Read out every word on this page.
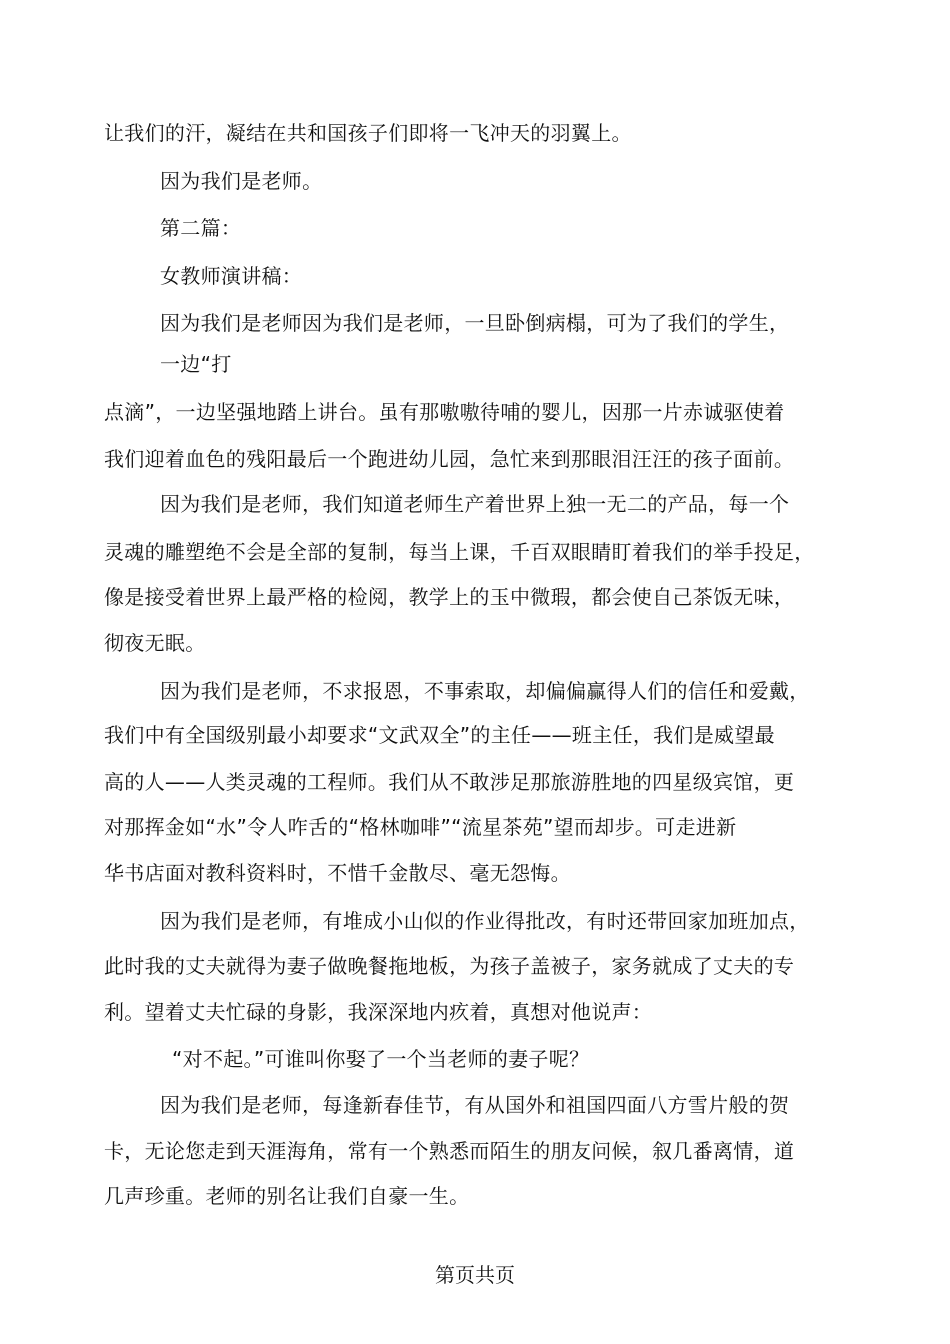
让我们的汗，凝结在共和国孩子们即将一飞冲天的羽翼上。
因为我们是老师。
第二篇：
女教师演讲稿：
因为我们是老师因为我们是老师，一旦卧倒病榻，可为了我们的学生，
一边“打
点滴”，一边坚强地踏上讲台。虽有那嗷嗷待哺的婴儿，因那一片赤诚驱使着
我们迎着血色的残阳最后一个跑进幼儿园，急忙来到那眼泪汪汪的孩子面前。
因为我们是老师，我们知道老师生产着世界上独一无二的产品，每一个
灵魂的雕塑绝不会是全部的复制，每当上课，千百双眼睛盯着我们的举手投足，
像是接受着世界上最严格的检阅，教学上的玉中微瑕，都会使自己茶饭无味，
彻夜无眠。
因为我们是老师，不求报恩，不事索取，却偏偏赢得人们的信任和爱戴，
我们中有全国级别最小却要求“文武双全”的主任——班主任，我们是威望最
高的人——人类灵魂的工程师。我们从不敢涉足那旅游胜地的四星级宾馆，更
对那挥金如“水”令人咋舌的“格林咖啡”“流星茶苑”望而却步。可走进新
华书店面对教科资料时，不惜千金散尽、毫无怨悔。
因为我们是老师，有堆成小山似的作业得批改，有时还带回家加班加点，
此时我的丈夫就得为妻子做晚餐拖地板，为孩子盖被子，家务就成了丈夫的专
利。望着丈夫忙碌的身影，我深深地内疚着，真想对他说声：
“对不起。”可谁叫你娶了一个当老师的妻子呢？
因为我们是老师，每逢新春佳节，有从国外和祖国四面八方雪片般的贺
卡，无论您走到天涯海角，常有一个熟悉而陌生的朋友问候，叙几番离情，道
几声珍重。老师的别名让我们自豪一生。
第页共页
